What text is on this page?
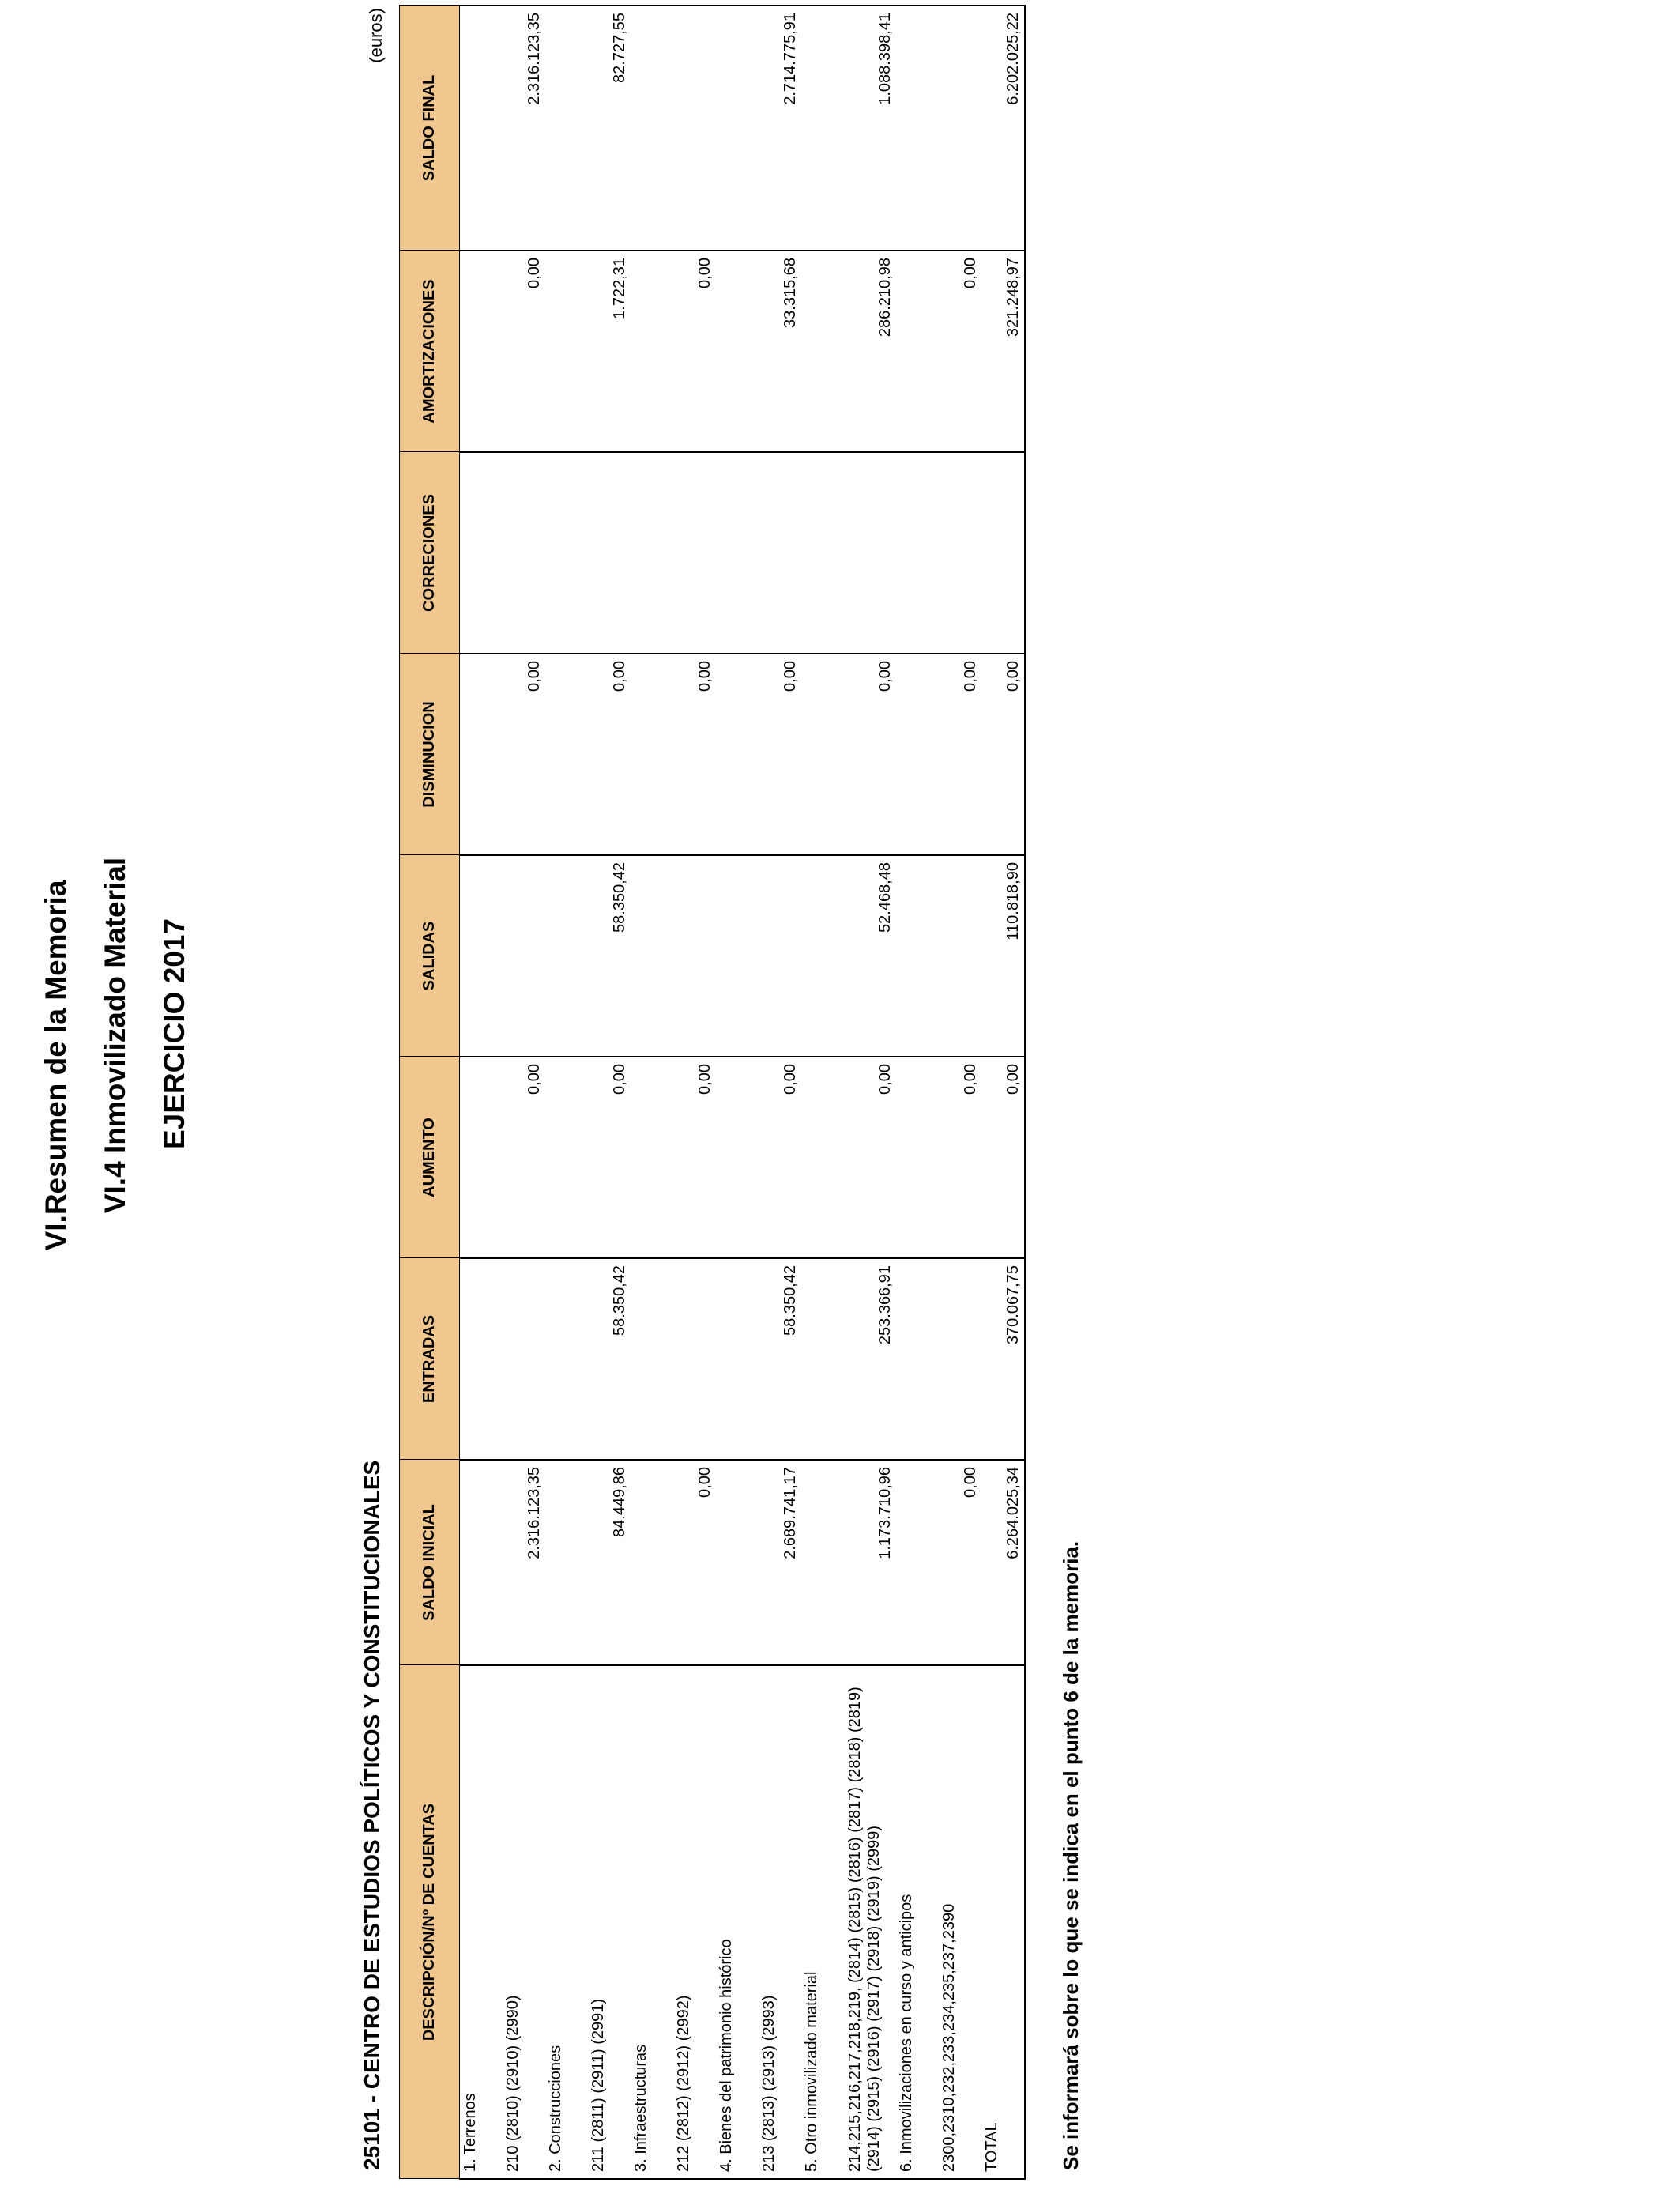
VI.Resumen de la Memoria VI.4 Inmovilizado Material EJERCICIO 2017
25101 - CENTRO DE ESTUDIOS POLÍTICOS Y CONSTITUCIONALES
(euros)
DESCRIPCIÓN/Nº DE CUENTAS	SALDO INICIAL	ENTRADAS	AUMENTO	SALIDAS	DISMINUCION	CORRECIONES	AMORTIZACIONES	SALDO FINAL
1. Terrenos								
210 (2810) (2910) (2990)	2.316.123,35		0,00		0,00		0,00	2.316.123,35
2. Construcciones								
211 (2811) (2911) (2991)	84.449,86	58.350,42	0,00	58.350,42	0,00		1.722,31	82.727,55
3. Infraestructuras								
212 (2812) (2912) (2992)	0,00		0,00		0,00		0,00	
4. Bienes del patrimonio histórico								
213 (2813) (2913) (2993)	2.689.741,17	58.350,42	0,00		0,00		33.315,68	2.714.775,91
5. Otro inmovilizado material								
214,215,216,217,218,219, (2814) (2815) (2816) (2817) (2818) (2819) (2914) (2915) (2916) (2917) (2918) (2919) (2999)	1.173.710,96	253.366,91	0,00	52.468,48	0,00		286.210,98	1.088.398,41
6. Inmovilizaciones en curso y anticipos								
2300,2310,232,233,234,235,237,2390	0,00		0,00		0,00		0,00	
TOTAL	6.264.025,34	370.067,75	0,00	110.818,90	0,00		321.248,97	6.202.025,22
Se informará sobre lo que se indica en el punto 6 de la memoria.
